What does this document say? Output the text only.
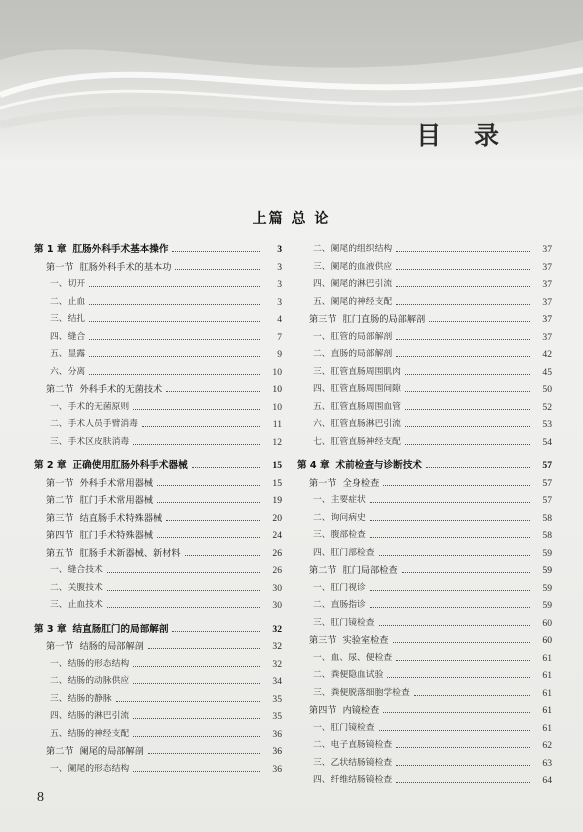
目 录
上篇 总 论
第 1 章 肛肠外科手术基本操作	3
第一节 肛肠外科手术的基本功	3
一、切开	3
二、止血	3
三、结扎	4
四、缝合	7
五、显露	9
六、分离	10
第二节 外科手术的无菌技术	10
一、手术的无菌原则	10
二、手术人员手臂消毒	11
三、手术区皮肤消毒	12
第 2 章 正确使用肛肠外科手术器械	15
第一节 外科手术常用器械	15
第二节 肛门手术常用器械	19
第三节 结直肠手术特殊器械	20
第四节 肛门手术特殊器械	24
第五节 肛肠手术新器械、新材料	26
一、缝合技术	26
二、关腹技术	30
三、止血技术	30
第 3 章 结直肠肛门的局部解剖	32
第一节 结肠的局部解剖	32
一、结肠的形态结构	32
二、结肠的动脉供应	34
三、结肠的静脉	35
四、结肠的淋巴引流	35
五、结肠的神经支配	36
第二节 阑尾的局部解剖	36
一、阑尾的形态结构	36
二、阑尾的组织结构	37
三、阑尾的血液供应	37
四、阑尾的淋巴引流	37
五、阑尾的神经支配	37
第三节 肛门直肠的局部解剖	37
一、肛管的局部解剖	37
二、直肠的局部解剖	42
三、肛管直肠周围肌肉	45
四、肛管直肠周围间隙	50
五、肛管直肠周围血管	52
六、肛管直肠淋巴引流	53
七、肛管直肠神经支配	54
第 4 章 术前检查与诊断技术	57
第一节 全身检查	57
一、主要症状	57
二、询问病史	58
三、腹部检查	58
四、肛门部检查	59
第二节 肛门局部检查	59
一、肛门视诊	59
二、直肠指诊	59
三、肛门镜检查	60
第三节 实验室检查	60
一、血、尿、便检查	61
二、粪便隐血试验	61
三、粪便脱落细胞学检查	61
第四节 内镜检查	61
一、肛门镜检查	61
二、电子直肠镜检查	62
三、乙状结肠镜检查	63
四、纤维结肠镜检查	64
8
